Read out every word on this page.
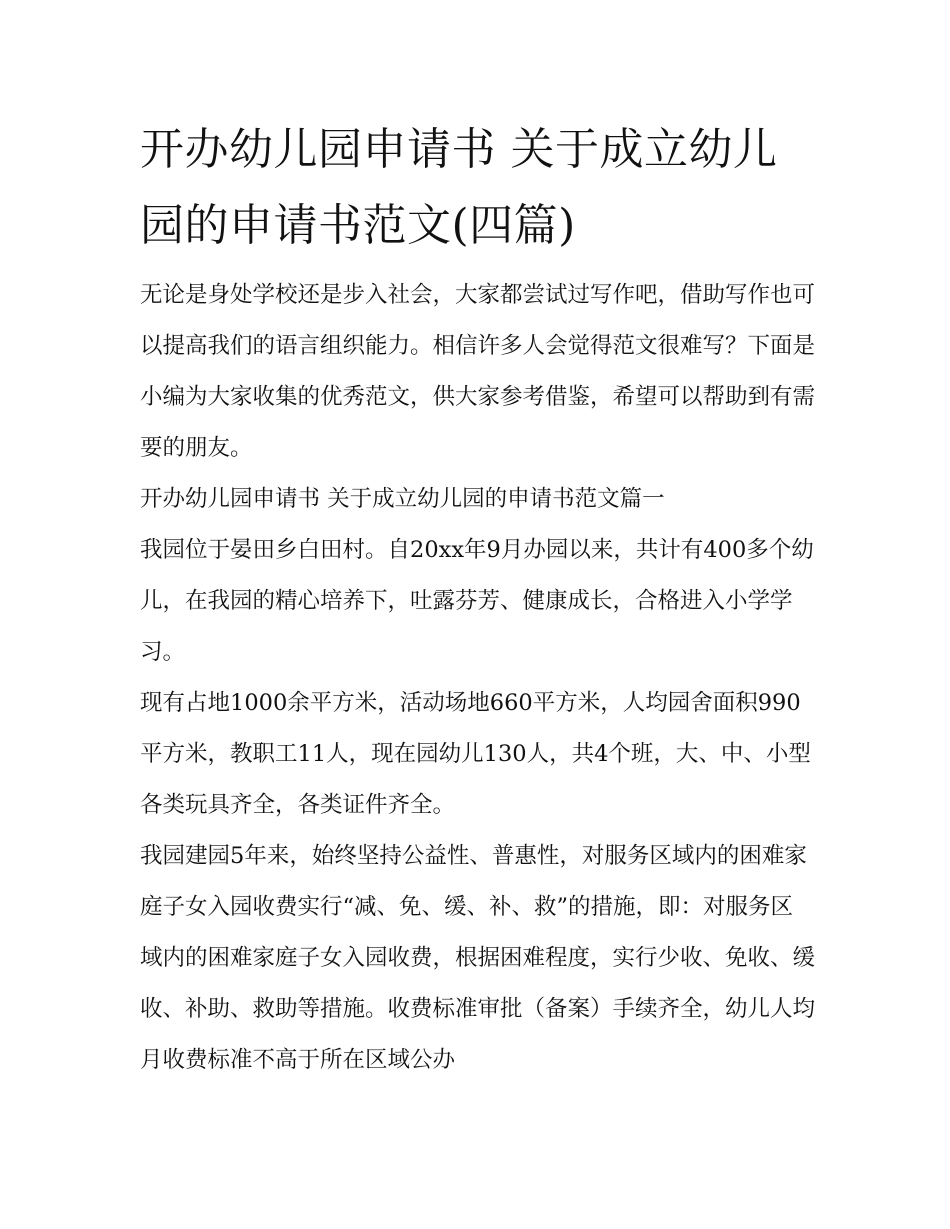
开办幼儿园申请书 关于成立幼儿园的申请书范文(四篇)

无论是身处学校还是步入社会，大家都尝试过写作吧，借助写作也可以提高我们的语言组织能力。相信许多人会觉得范文很难写？下面是小编为大家收集的优秀范文，供大家参考借鉴，希望可以帮助到有需要的朋友。

开办幼儿园申请书 关于成立幼儿园的申请书范文篇一

我园位于晏田乡白田村。自20xx年9月办园以来，共计有400多个幼儿，在我园的精心培养下，吐露芬芳、健康成长，合格进入小学学习。

现有占地1000余平方米，活动场地660平方米，人均园舍面积990平方米，教职工11人，现在园幼儿130人，共4个班，大、中、小型各类玩具齐全，各类证件齐全。

我园建园5年来，始终坚持公益性、普惠性，对服务区域内的困难家庭子女入园收费实行“减、免、缓、补、救”的措施，即：对服务区域内的困难家庭子女入园收费，根据困难程度，实行少收、免收、缓收、补助、救助等措施。收费标准审批（备案）手续齐全，幼儿人均月收费标准不高于所在区域公办
